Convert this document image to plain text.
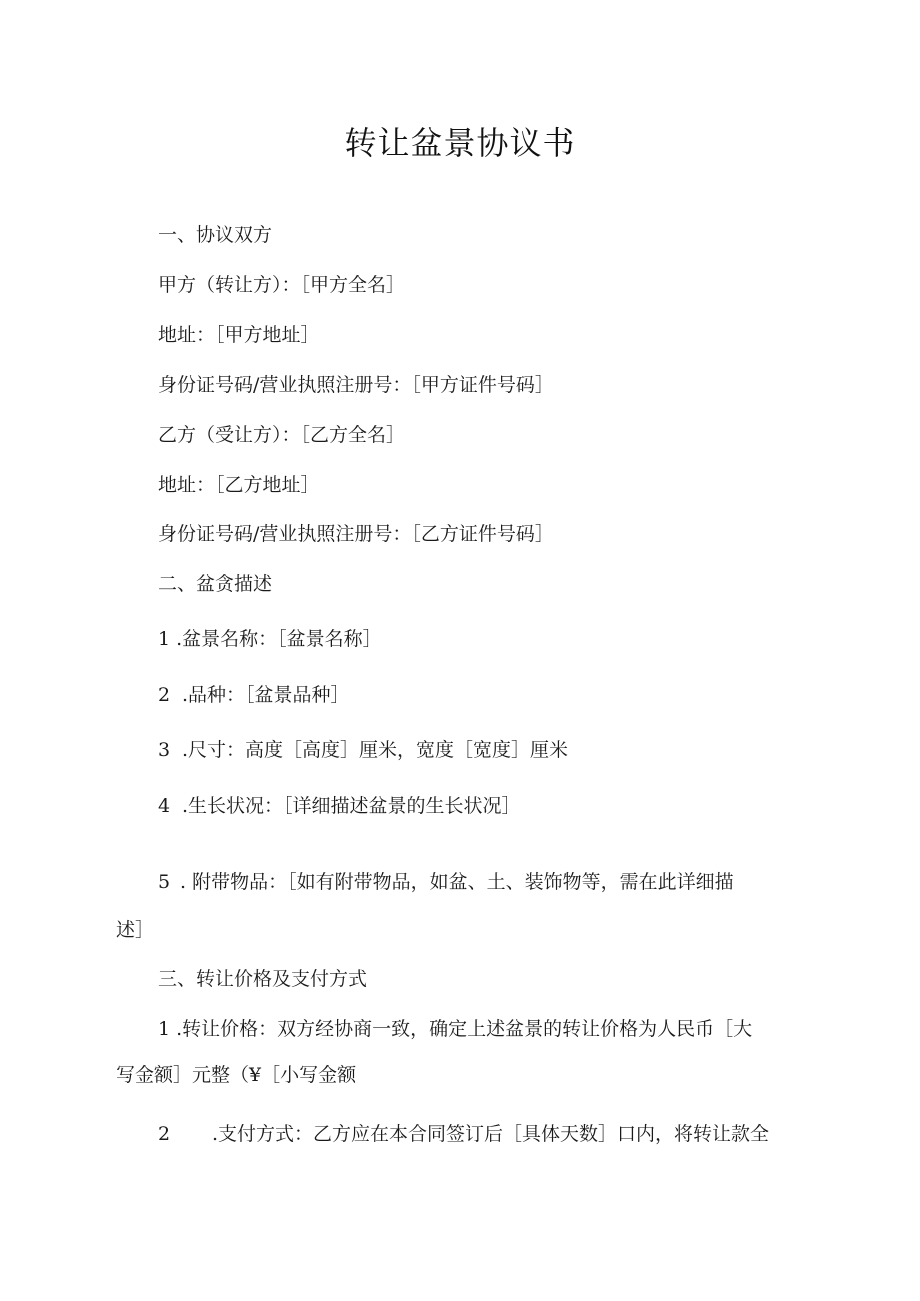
转让盆景协议书
一、协议双方
甲方（转让方）：［甲方全名］
地址：［甲方地址］
身份证号码/营业执照注册号：［甲方证件号码］
乙方（受让方）：［乙方全名］
地址：［乙方地址］
身份证号码/营业执照注册号：［乙方证件号码］
二、盆贪描述
1 .盆景名称：［盆景名称］
2 .品种：［盆景品种］
3 .尺寸：高度［高度］厘米，宽度［宽度］厘米
4 .生长状况：［详细描述盆景的生长状况］
5 . 附带物品：［如有附带物品，如盆、土、装饰物等，需在此详细描
述］
三、转让价格及支付方式
1 .转让价格：双方经协商一致，确定上述盆景的转让价格为人民币［大
写金额］元整（¥［小写金额
2 .支付方式：乙方应在本合同签订后［具体天数］口内，将转让款全
